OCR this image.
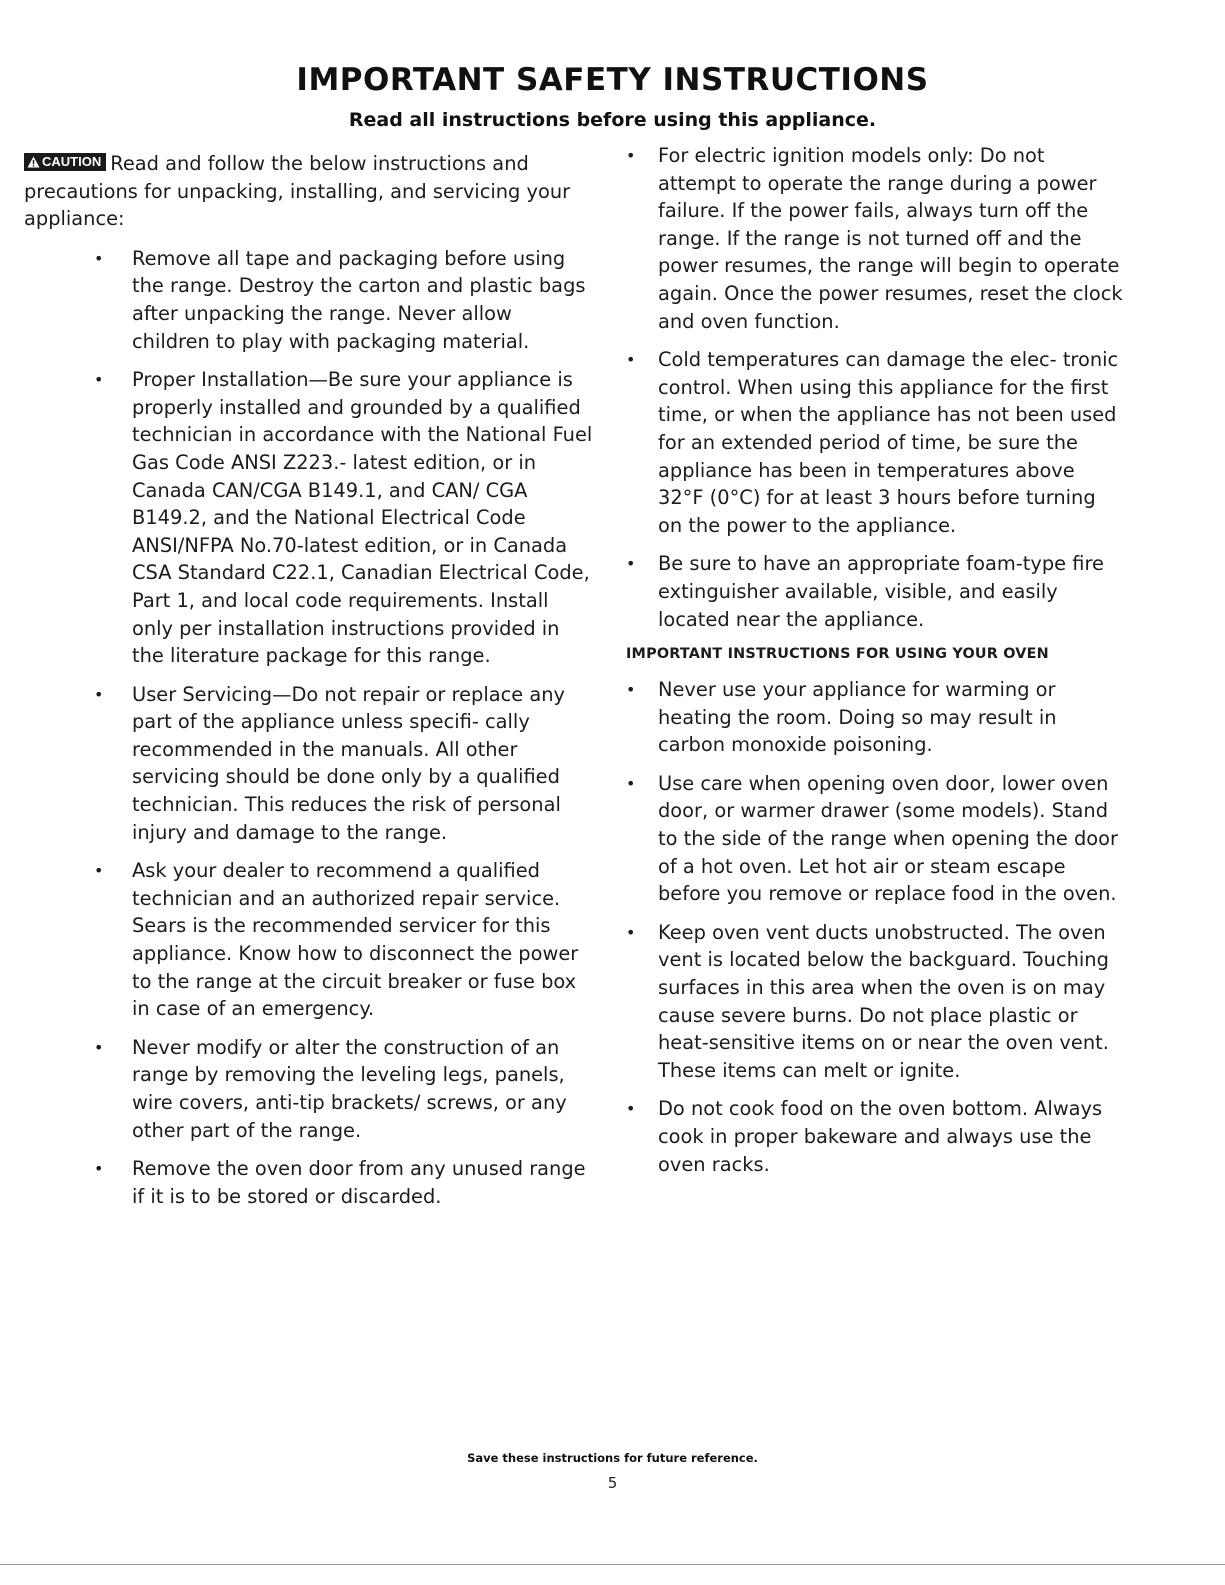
IMPORTANT SAFETY INSTRUCTIONS
Read all instructions before using this appliance.

CAUTION Read and follow the below instructions and precautions for unpacking, installing, and servicing your appliance:

• Remove all tape and packaging before using the range. Destroy the carton and plastic bags after unpacking the range. Never allow children to play with packaging material.
• Proper Installation—Be sure your appliance is properly installed and grounded by a qualified technician in accordance with the National Fuel Gas Code ANSI Z223.- latest edition, or in Canada CAN/CGA B149.1, and CAN/ CGA B149.2, and the National Electrical Code ANSI/NFPA No.70-latest edition, or in Canada CSA Standard C22.1, Canadian Electrical Code, Part 1, and local code requirements. Install only per installation instructions provided in the literature package for this range.
• User Servicing—Do not repair or replace any part of the appliance unless specifi- cally recommended in the manuals. All other servicing should be done only by a qualified technician. This reduces the risk of personal injury and damage to the range.
• Ask your dealer to recommend a qualified technician and an authorized repair service. Sears is the recommended servicer for this appliance. Know how to disconnect the power to the range at the circuit breaker or fuse box in case of an emergency.
• Never modify or alter the construction of an range by removing the leveling legs, panels, wire covers, anti-tip brackets/ screws, or any other part of the range.
• Remove the oven door from any unused range if it is to be stored or discarded.
• For electric ignition models only: Do not attempt to operate the range during a power failure. If the power fails, always turn off the range. If the range is not turned off and the power resumes, the range will begin to operate again. Once the power resumes, reset the clock and oven function.
• Cold temperatures can damage the elec- tronic control. When using this appliance for the first time, or when the appliance has not been used for an extended period of time, be sure the appliance has been in temperatures above 32°F (0°C) for at least 3 hours before turning on the power to the appliance.
• Be sure to have an appropriate foam-type fire extinguisher available, visible, and easily located near the appliance.
IMPORTANT INSTRUCTIONS FOR USING YOUR OVEN
• Never use your appliance for warming or heating the room. Doing so may result in carbon monoxide poisoning.
• Use care when opening oven door, lower oven door, or warmer drawer (some models). Stand to the side of the range when opening the door of a hot oven. Let hot air or steam escape before you remove or replace food in the oven.
• Keep oven vent ducts unobstructed. The oven vent is located below the backguard. Touching surfaces in this area when the oven is on may cause severe burns. Do not place plastic or heat-sensitive items on or near the oven vent. These items can melt or ignite.
• Do not cook food on the oven bottom. Always cook in proper bakeware and always use the oven racks.
Save these instructions for future reference.
5
